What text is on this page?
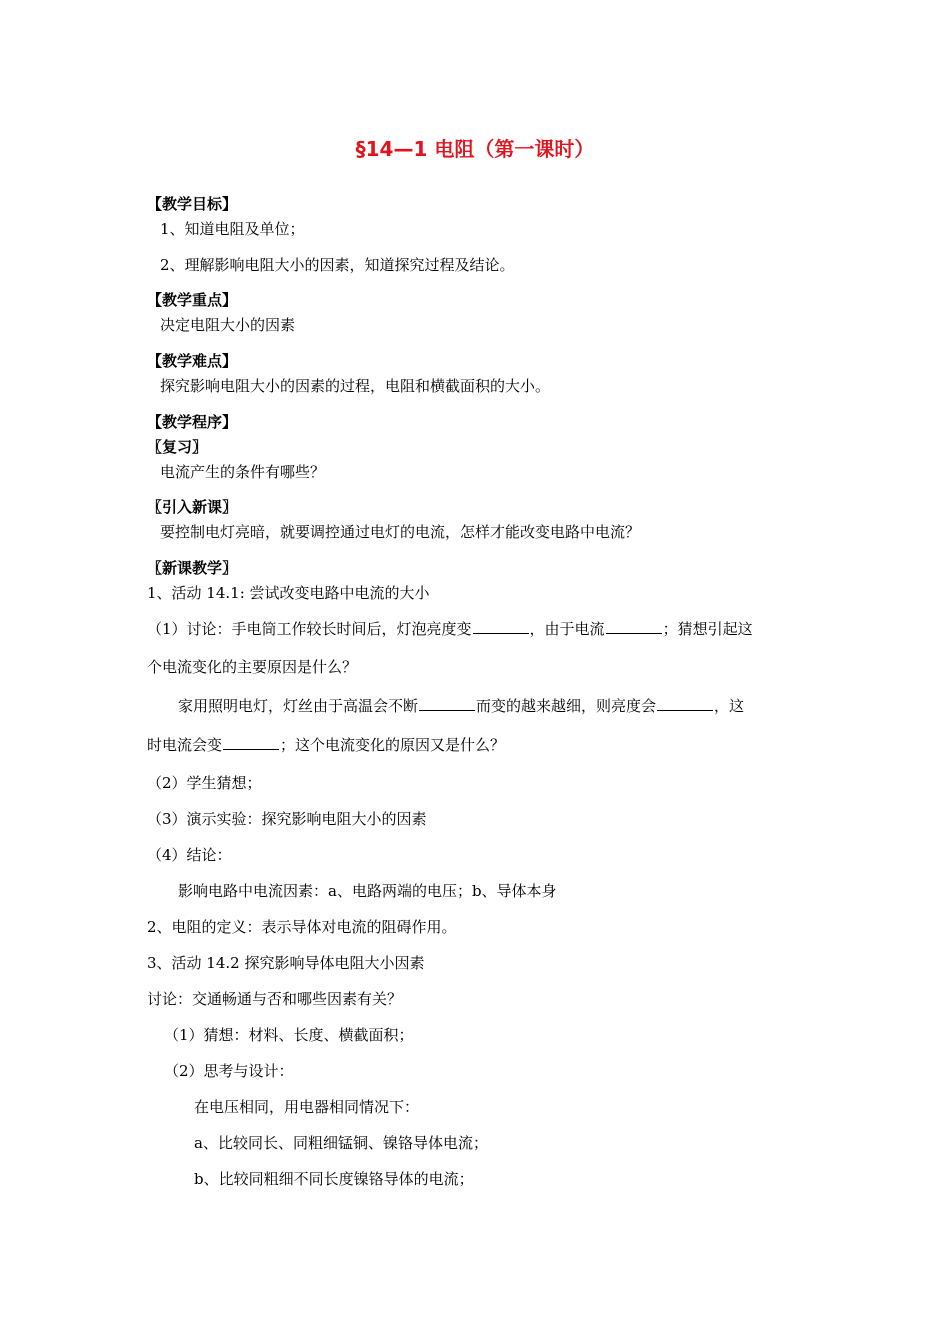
§14—1 电阻（第一课时）
【教学目标】
1、知道电阻及单位；
2、理解影响电阻大小的因素，知道探究过程及结论。
【教学重点】
决定电阻大小的因素
【教学难点】
探究影响电阻大小的因素的过程，电阻和横截面积的大小。
【教学程序】
〖复习〗
电流产生的条件有哪些？
〖引入新课〗
要控制电灯亮暗，就要调控通过电灯的电流，怎样才能改变电路中电流？
〖新课教学〗
1、活动 14.1: 尝试改变电路中电流的大小
（1）讨论：手电筒工作较长时间后，灯泡亮度变	，由于电流	；猜想引起这
个电流变化的主要原因是什么？
家用照明电灯，灯丝由于高温会不断	而变的越来越细，则亮度会	，这
时电流会变	；这个电流变化的原因又是什么？
（2）学生猜想；
（3）演示实验：探究影响电阻大小的因素
（4）结论：
影响电路中电流因素：a、电路两端的电压；b、导体本身
2、电阻的定义：表示导体对电流的阻碍作用。
3、活动 14.2 探究影响导体电阻大小因素
讨论：交通畅通与否和哪些因素有关？
（1）猜想：材料、长度、横截面积；
（2）思考与设计：
在电压相同，用电器相同情况下：
a、比较同长、同粗细锰铜、镍铬导体电流；
b、比较同粗细不同长度镍铬导体的电流；
